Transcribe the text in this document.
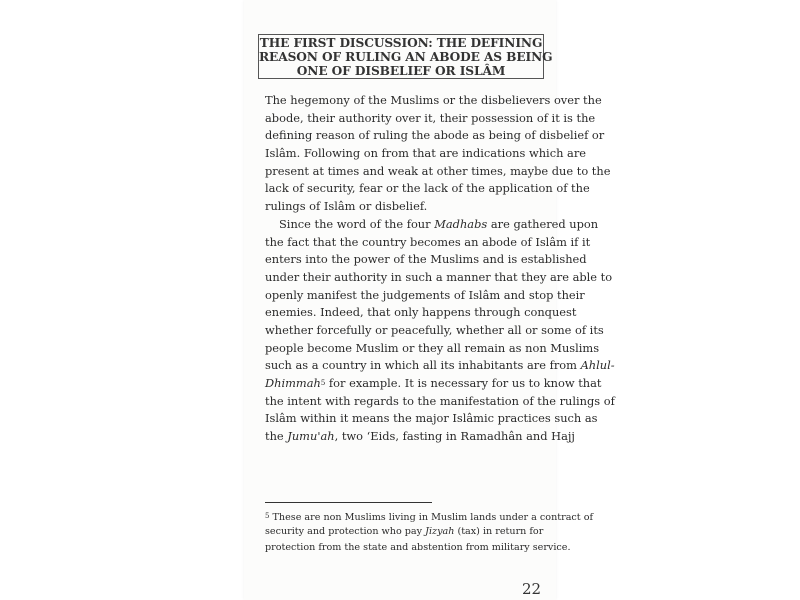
THE FIRST DISCUSSION: THE DEFINING
REASON OF RULING AN ABODE AS BEING
ONE OF DISBELIEF OR ISLÂM
The hegemony of the Muslims or the disbelievers over the
abode, their authority over it, their possession of it is the
defining reason of ruling the abode as being of disbelief or
Islâm. Following on from that are indications which are
present at times and weak at other times, maybe due to the
lack of security, fear or the lack of the application of the
rulings of Islâm or disbelief.
Since the word of the four Madhabs are gathered upon
the fact that the country becomes an abode of Islâm if it
enters into the power of the Muslims and is established
under their authority in such a manner that they are able to
openly manifest the judgements of Islâm and stop their
enemies. Indeed, that only happens through conquest
whether forcefully or peacefully, whether all or some of its
people become Muslim or they all remain as non Muslims
such as a country in which all its inhabitants are from Ahlul-
Dhimmah$^5$ for example. It is necessary for us to know that
the intent with regards to the manifestation of the rulings of
Islâm within it means the major Islâmic practices such as
the Jumu'ah, two ‘Eids, fasting in Ramadhân and Hajj
$^5$ These are non Muslims living in Muslim lands under a contract of
security and protection who pay Jizyah (tax) in return for
protection from the state and abstention from military service.
22
